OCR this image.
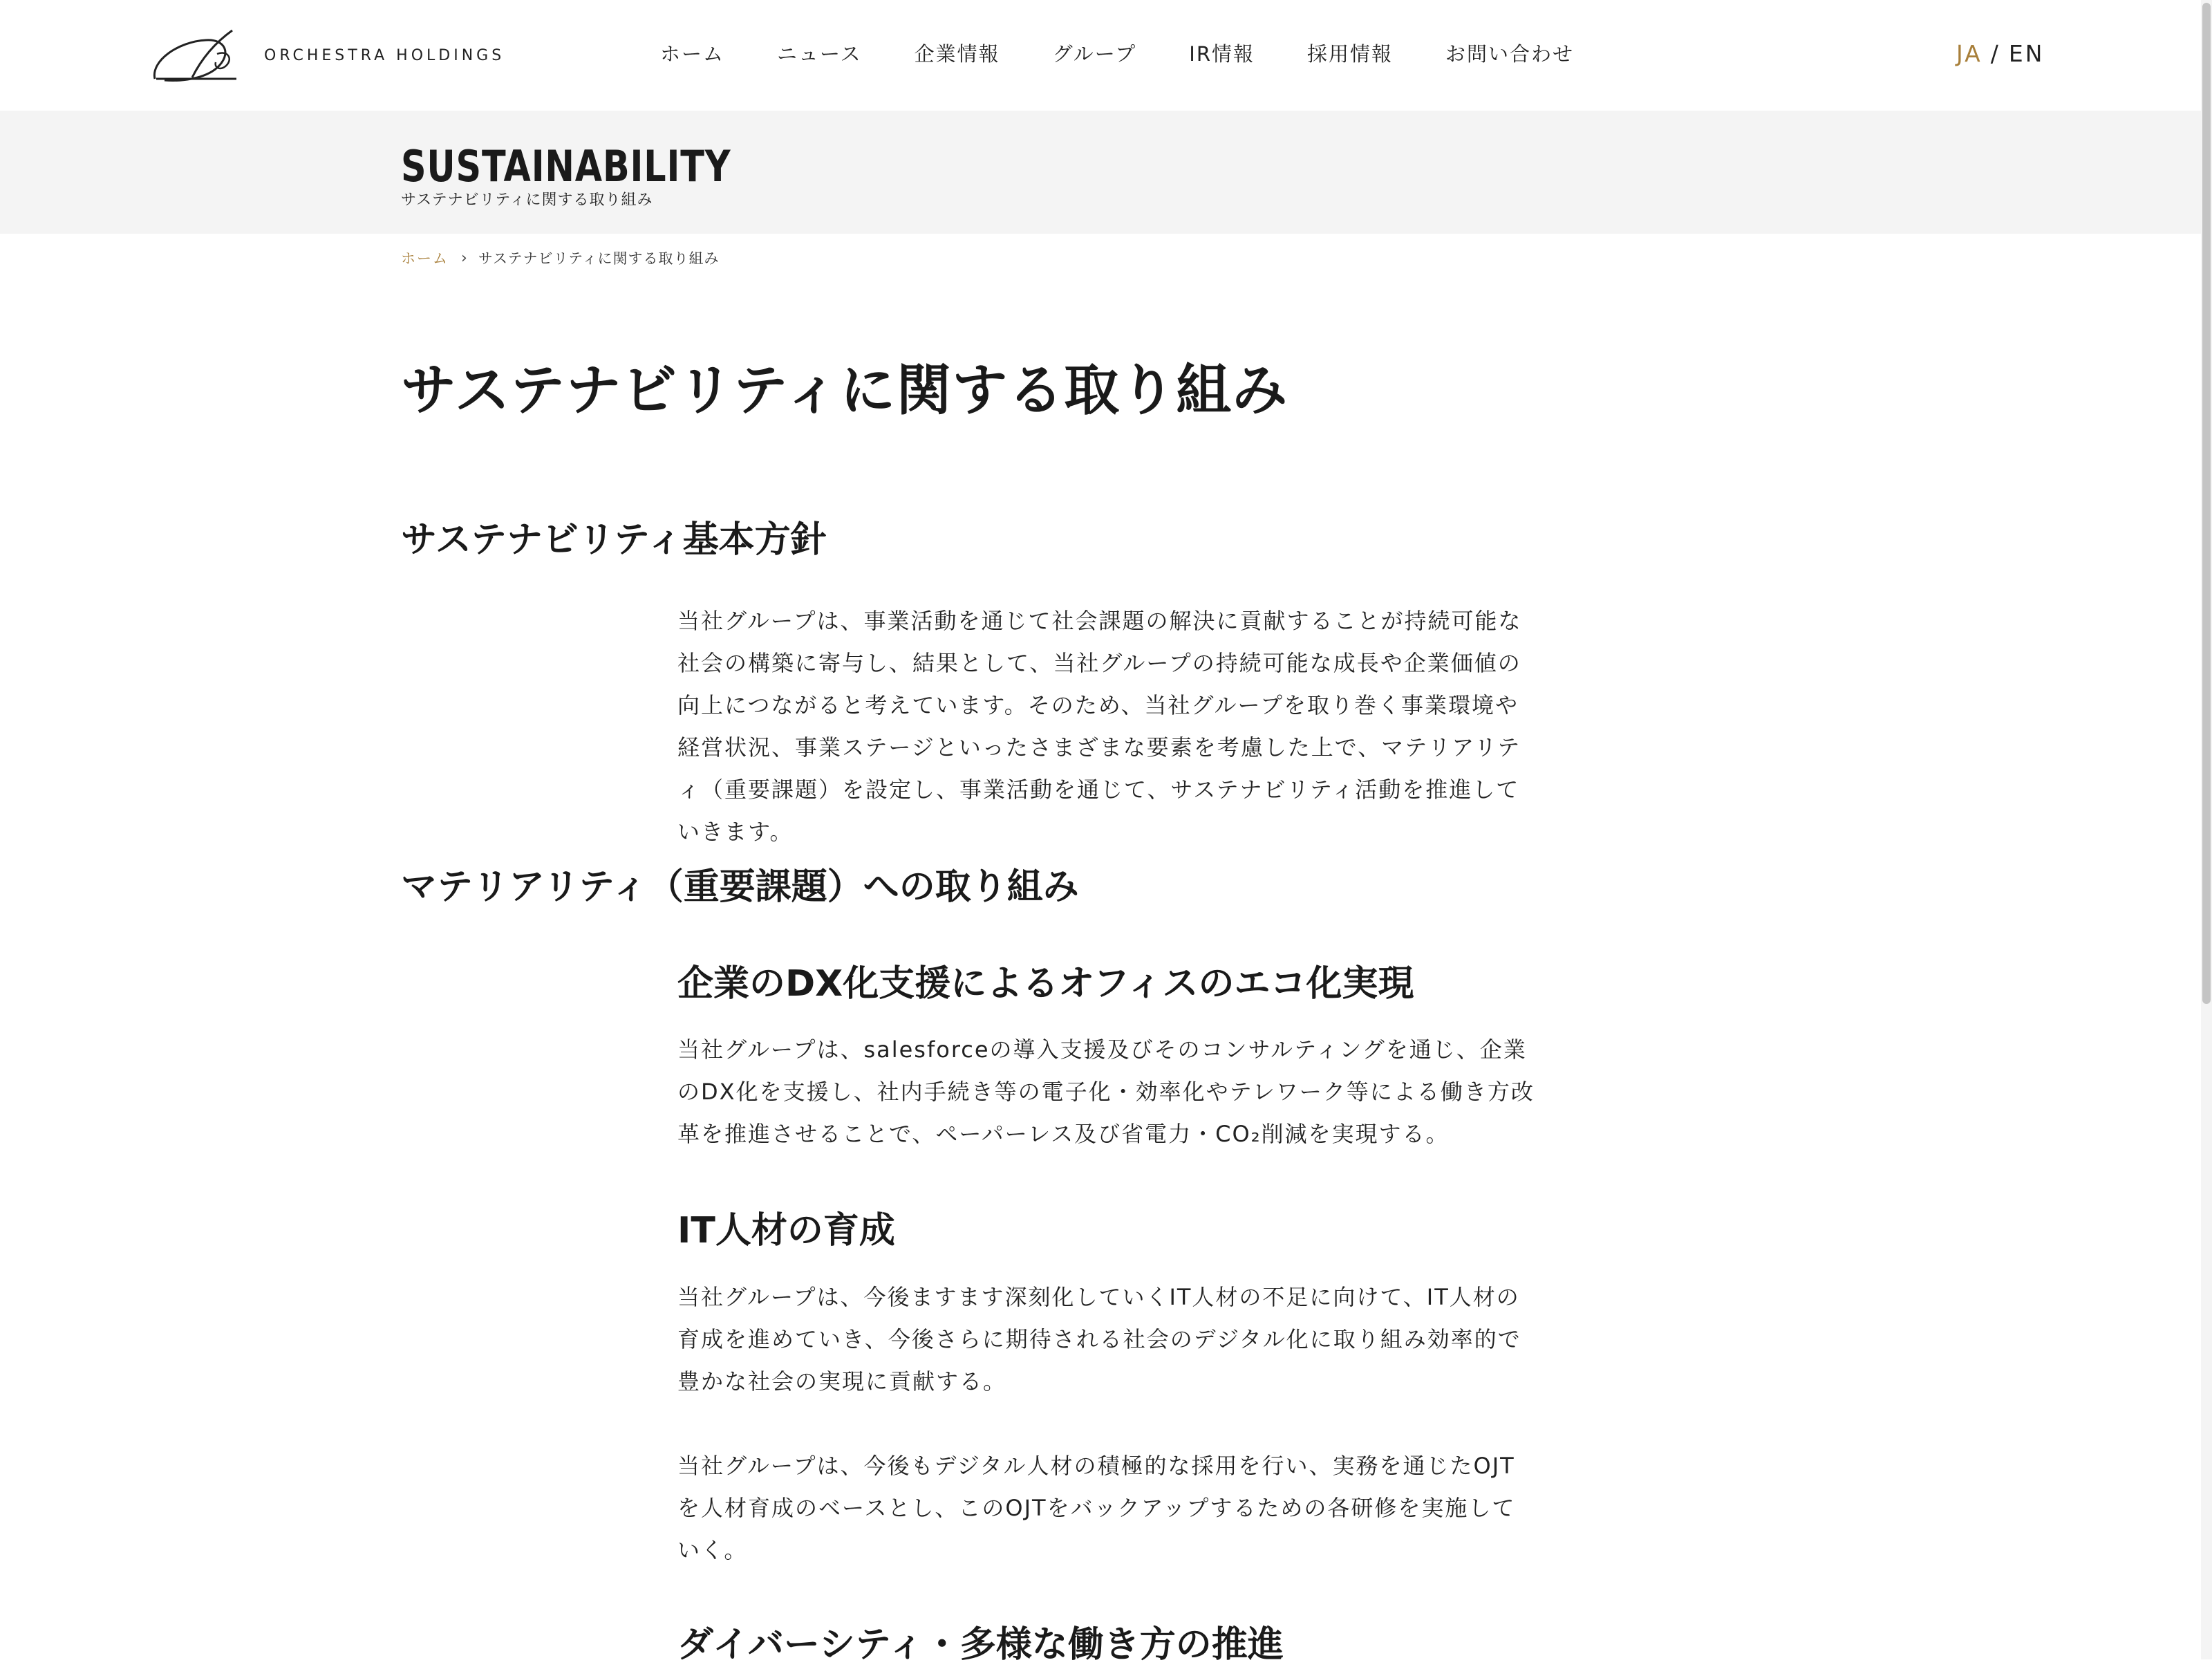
ORCHESTRA HOLDINGS	ホーム	ニュース	企業情報	グループ	IR情報	採用情報	お問い合わせ	JA / EN
SUSTAINABILITY
サステナビリティに関する取り組み
ホーム › サステナビリティに関する取り組み
サステナビリティに関する取り組み
サステナビリティ基本方針

当社グループは、事業活動を通じて社会課題の解決に貢献することが持続可能な社会の構築に寄与し、結果として、当社グループの持続可能な成長や企業価値の向上につながると考えています。そのため、当社グループを取り巻く事業環境や経営状況、事業ステージといったさまざまな要素を考慮した上で、マテリアリティ（重要課題）を設定し、事業活動を通じて、サステナビリティ活動を推進していきます。

マテリアリティ（重要課題）への取り組み
企業のDX化支援によるオフィスのエコ化実現

当社グループは、salesforceの導入支援及びそのコンサルティングを通じ、企業のDX化を支援し、社内手続き等の電子化・効率化やテレワーク等による働き方改革を推進させることで、ペーパーレス及び省電力・CO₂削減を実現する。

IT人材の育成

当社グループは、今後ますます深刻化していくIT人材の不足に向けて、IT人材の育成を進めていき、今後さらに期待される社会のデジタル化に取り組み効率的で豊かな社会の実現に貢献する。

当社グループは、今後もデジタル人材の積極的な採用を行い、実務を通じたOJTを人材育成のベースとし、このOJTをバックアップするための各研修を実施していく。

ダイバーシティ・多様な働き方の推進
